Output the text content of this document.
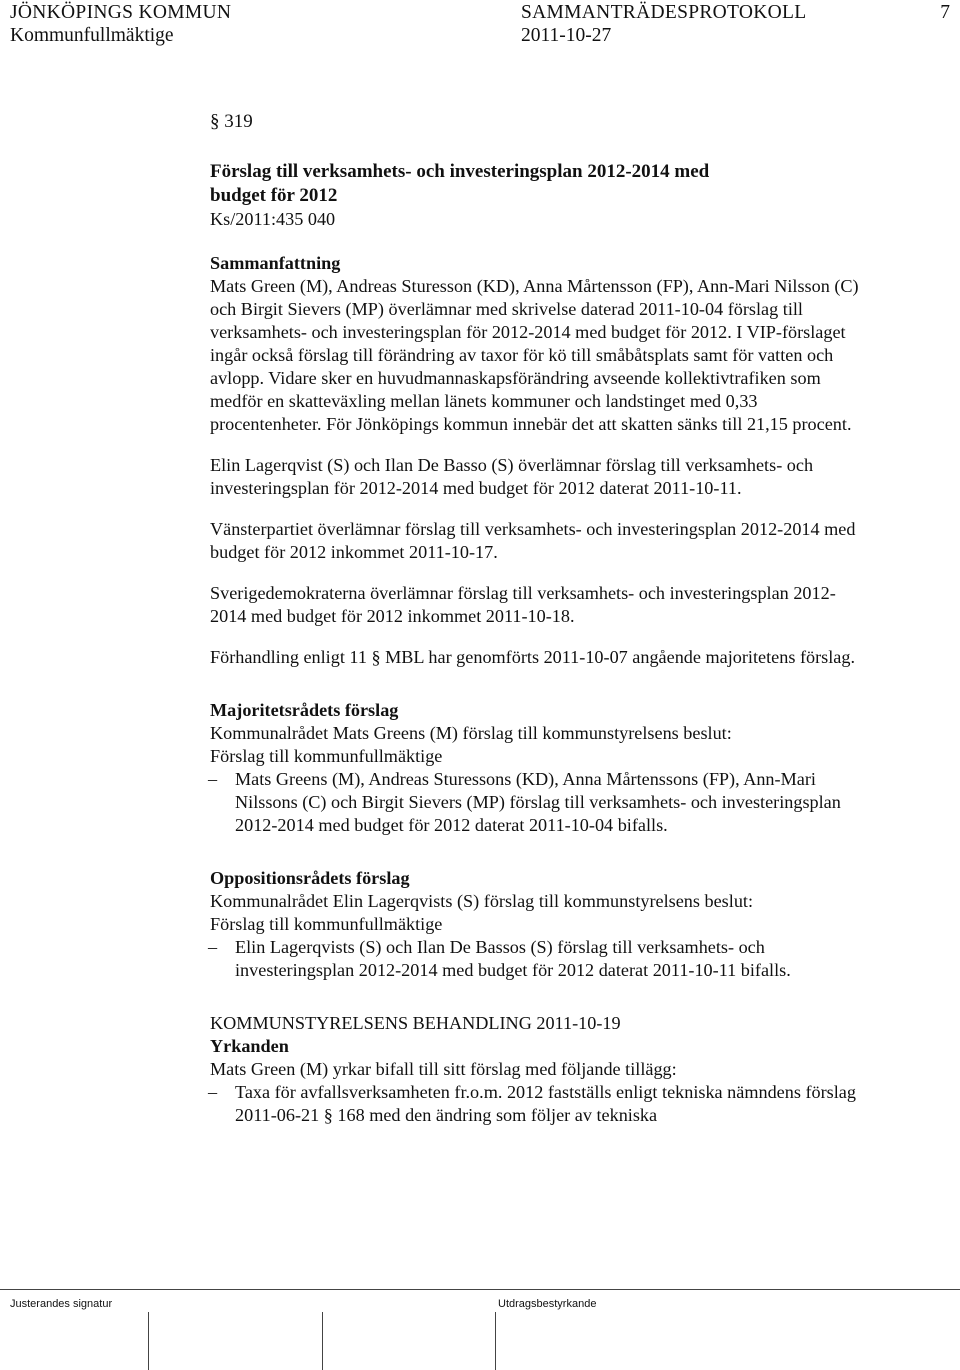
JÖNKÖPINGS KOMMUN	SAMMANTRÄDESPROTOKOLL	7
Kommunfullmäktige	2011-10-27

§ 319

Förslag till verksamhets- och investeringsplan 2012-2014 med

budget för 2012

Ks/2011:435 040

Sammanfattning

Mats Green (M), Andreas Sturesson (KD), Anna Mårtensson (FP), Ann-Mari Nilsson (C) och Birgit Sievers (MP) överlämnar med skrivelse daterad 2011-10-04 förslag till verksamhets- och investeringsplan för 2012-2014 med budget för 2012. I VIP-förslaget ingår också förslag till förändring av taxor för kö till småbåtsplats samt för vatten och avlopp. Vidare sker en huvudmannaskapsförändring avseende kollektivtrafiken som medför en skatteväxling mellan länets kommuner och landstinget med 0,33 procentenheter. För Jönköpings kommun innebär det att skatten sänks till 21,15 procent.

Elin Lagerqvist (S) och Ilan De Basso (S) överlämnar förslag till verksamhets- och investeringsplan för 2012-2014 med budget för 2012 daterat 2011-10-11.

Vänsterpartiet överlämnar förslag till verksamhets- och investeringsplan 2012-2014 med budget för 2012 inkommet 2011-10-17.

Sverigedemokraterna överlämnar förslag till verksamhets- och investeringsplan 2012-2014 med budget för 2012 inkommet 2011-10-18.

Förhandling enligt 11 § MBL har genomförts 2011-10-07 angående majoritetens förslag.

Majoritetsrådets förslag

Kommunalrådet Mats Greens (M) förslag till kommunstyrelsens beslut:

Förslag till kommunfullmäktige

– Mats Greens (M), Andreas Sturessons (KD), Anna Mårtenssons (FP), Ann-Mari Nilssons (C) och Birgit Sievers (MP) förslag till verksamhets- och investeringsplan 2012-2014 med budget för 2012 daterat 2011-10-04 bifalls.

Oppositionsrådets förslag

Kommunalrådet Elin Lagerqvists (S) förslag till kommunstyrelsens beslut:

Förslag till kommunfullmäktige

– Elin Lagerqvists (S) och Ilan De Bassos (S) förslag till verksamhets- och investeringsplan 2012-2014 med budget för 2012 daterat 2011-10-11 bifalls.

KOMMUNSTYRELSENS BEHANDLING 2011-10-19

Yrkanden

Mats Green (M) yrkar bifall till sitt förslag med följande tillägg:

– Taxa för avfallsverksamheten fr.o.m. 2012 fastställs enligt tekniska nämndens förslag 2011-06-21 § 168 med den ändring som följer av tekniska
Justerandes signatur	Utdragsbestyrkande
